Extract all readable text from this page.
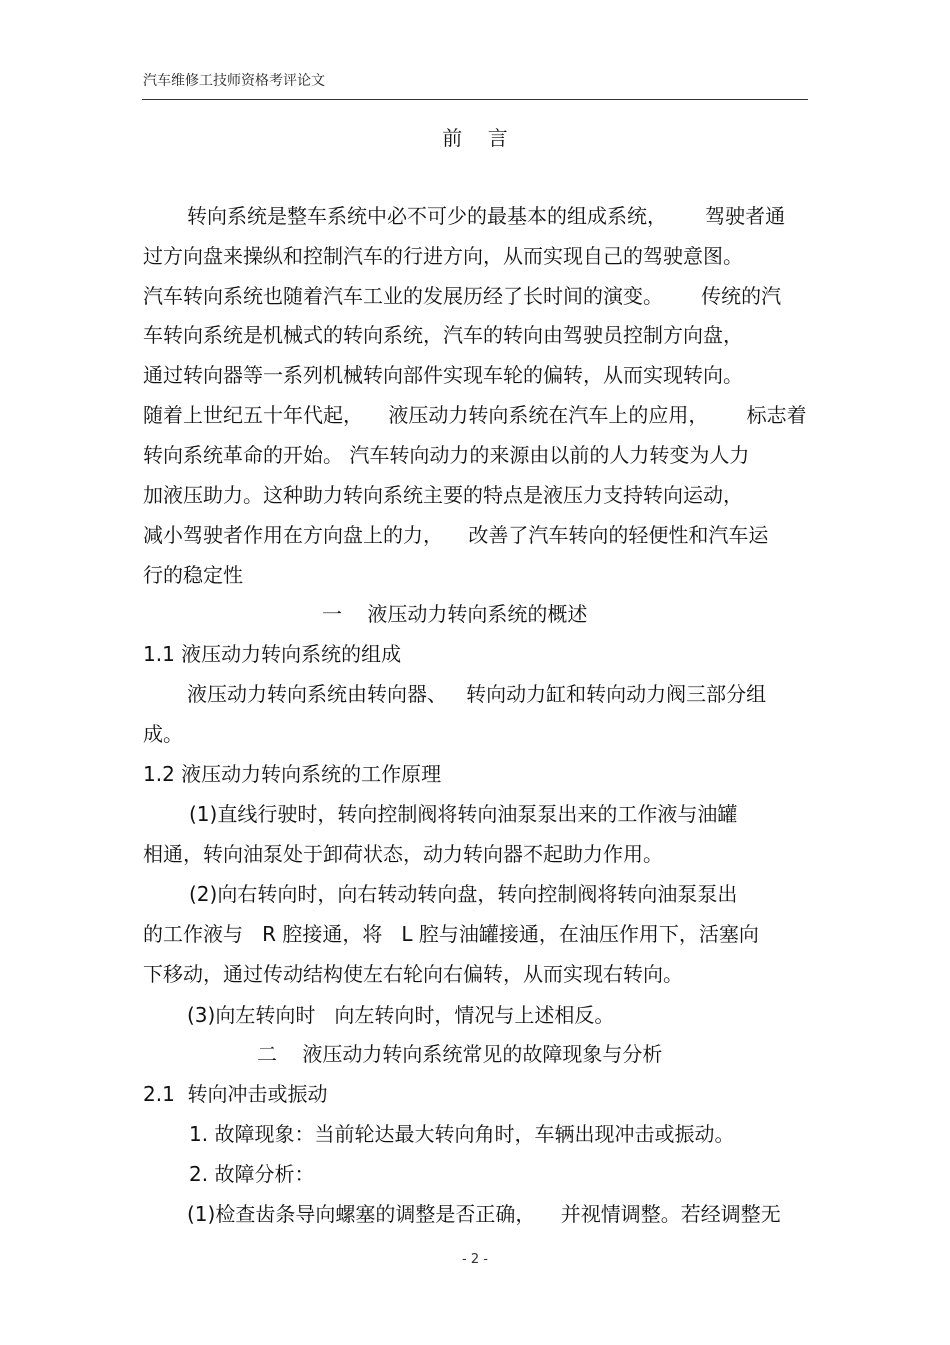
汽车维修工技师资格考评论文
前    言
转向系统是整车系统中必不可少的最基本的组成系统，      驾驶者通
过方向盘来操纵和控制汽车的行进方向，从而实现自己的驾驶意图。
汽车转向系统也随着汽车工业的发展历经了长时间的演变。      传统的汽
车转向系统是机械式的转向系统，汽车的转向由驾驶员控制方向盘，
通过转向器等一系列机械转向部件实现车轮的偏转，从而实现转向。
随着上世纪五十年代起，    液压动力转向系统在汽车上的应用，      标志着
转向系统革命的开始。 汽车转向动力的来源由以前的人力转变为人力
加液压助力。这种助力转向系统主要的特点是液压力支持转向运动，
减小驾驶者作用在方向盘上的力，    改善了汽车转向的轻便性和汽车运
行的稳定性
一    液压动力转向系统的概述
1.1 液压动力转向系统的组成
液压动力转向系统由转向器、   转向动力缸和转向动力阀三部分组
成。
1.2 液压动力转向系统的工作原理
(1)直线行驶时，转向控制阀将转向油泵泵出来的工作液与油罐
相通，转向油泵处于卸荷状态，动力转向器不起助力作用。
(2)向右转向时，向右转动转向盘，转向控制阀将转向油泵泵出
的工作液与   R 腔接通，将   L 腔与油罐接通，在油压作用下，活塞向
下移动，通过传动结构使左右轮向右偏转，从而实现右转向。
(3)向左转向时   向左转向时，情况与上述相反。
二    液压动力转向系统常见的故障现象与分析
2.1  转向冲击或振动
1. 故障现象：当前轮达最大转向角时，车辆出现冲击或振动。
2. 故障分析：
(1)检查齿条导向螺塞的调整是否正确，    并视情调整。若经调整无
- 2 -
